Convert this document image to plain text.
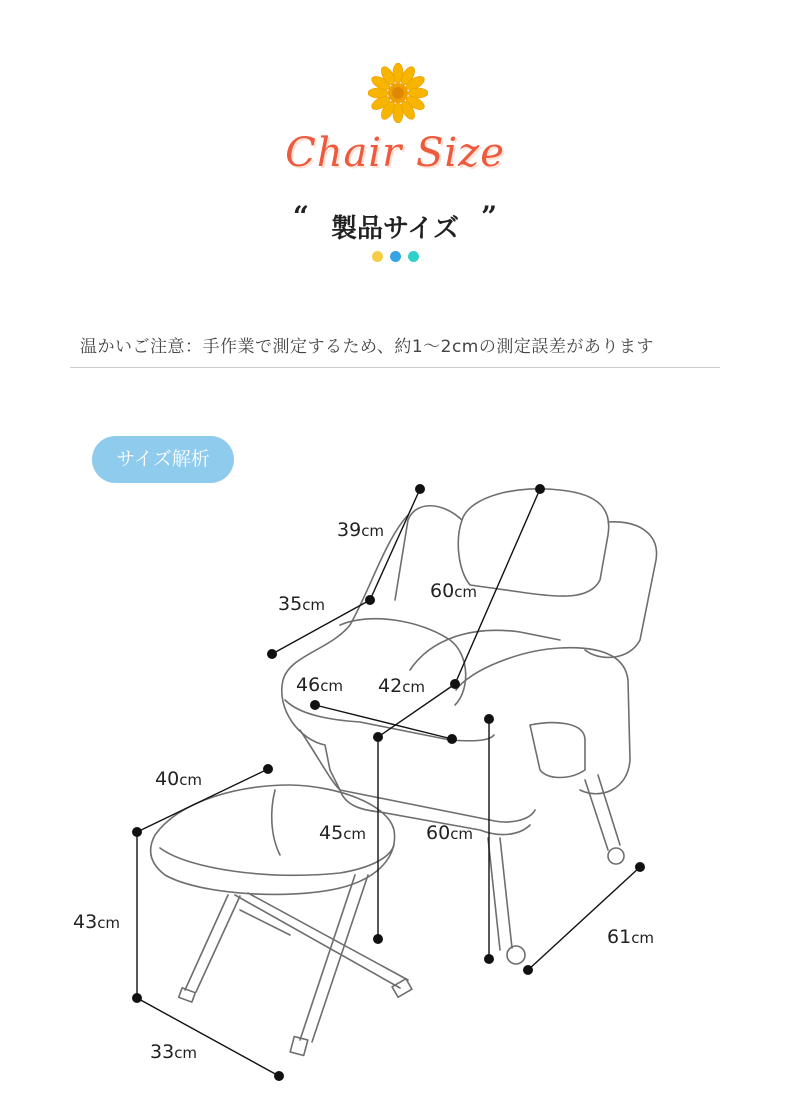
Chair Size
“ 製品サイズ ”
温かいご注意：手作業で測定するため、約1〜2cmの測定誤差があります
サイズ解析
39cm
60cm
35cm
46cm 42cm
45cm	60cm
61cm
40cm
43cm
33cm
